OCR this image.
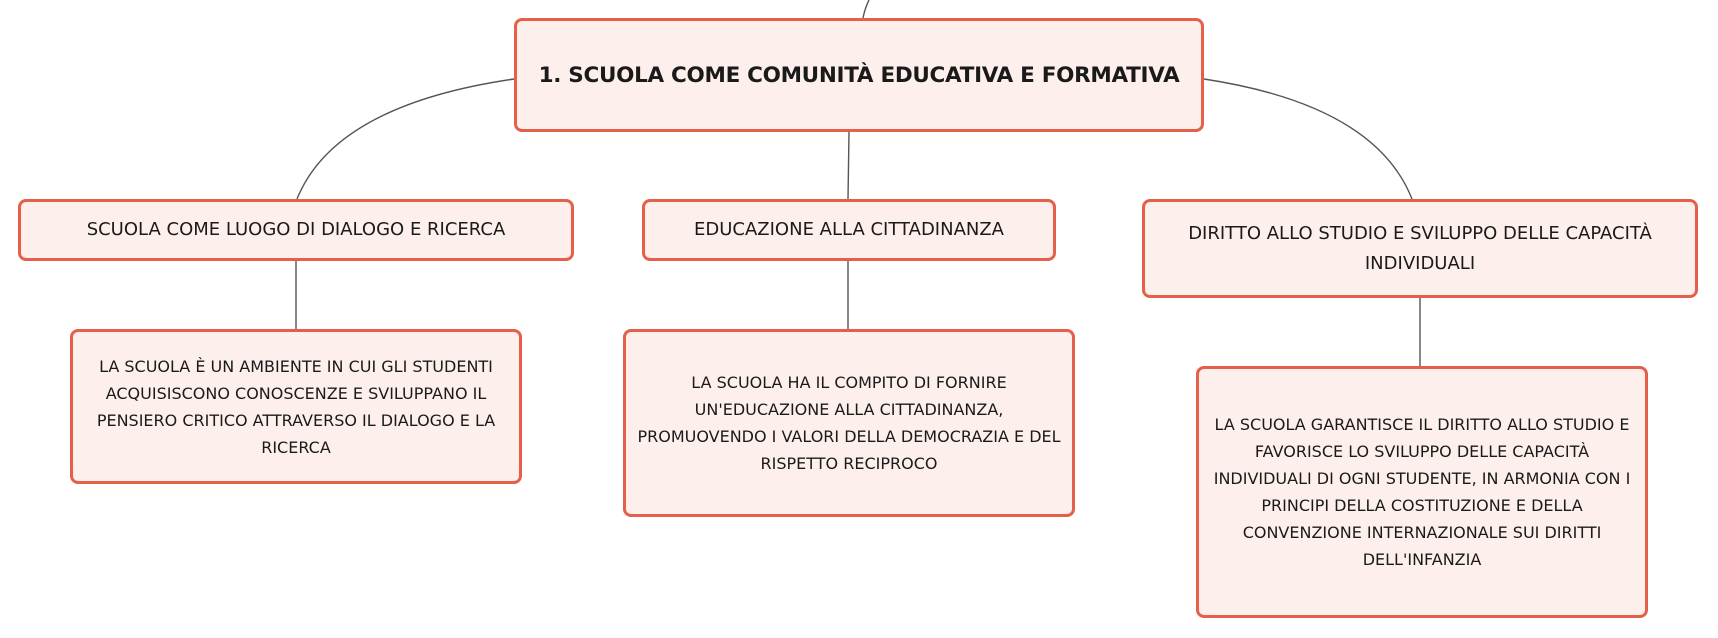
1. SCUOLA COME COMUNITÀ EDUCATIVA E FORMATIVA
SCUOLA COME LUOGO DI DIALOGO E RICERCA	EDUCAZIONE ALLA CITTADINANZA	DIRITTO ALLO STUDIO E SVILUPPO DELLE CAPACITÀ INDIVIDUALI
LA SCUOLA È UN AMBIENTE IN CUI GLI STUDENTI ACQUISISCONO CONOSCENZE E SVILUPPANO IL PENSIERO CRITICO ATTRAVERSO IL DIALOGO E LA RICERCA
LA SCUOLA HA IL COMPITO DI FORNIRE UN'EDUCAZIONE ALLA CITTADINANZA, PROMUOVENDO I VALORI DELLA DEMOCRAZIA E DEL RISPETTO RECIPROCO
LA SCUOLA GARANTISCE IL DIRITTO ALLO STUDIO E FAVORISCE LO SVILUPPO DELLE CAPACITÀ INDIVIDUALI DI OGNI STUDENTE, IN ARMONIA CON I PRINCIPI DELLA COSTITUZIONE E DELLA CONVENZIONE INTERNAZIONALE SUI DIRITTI DELL'INFANZIA
